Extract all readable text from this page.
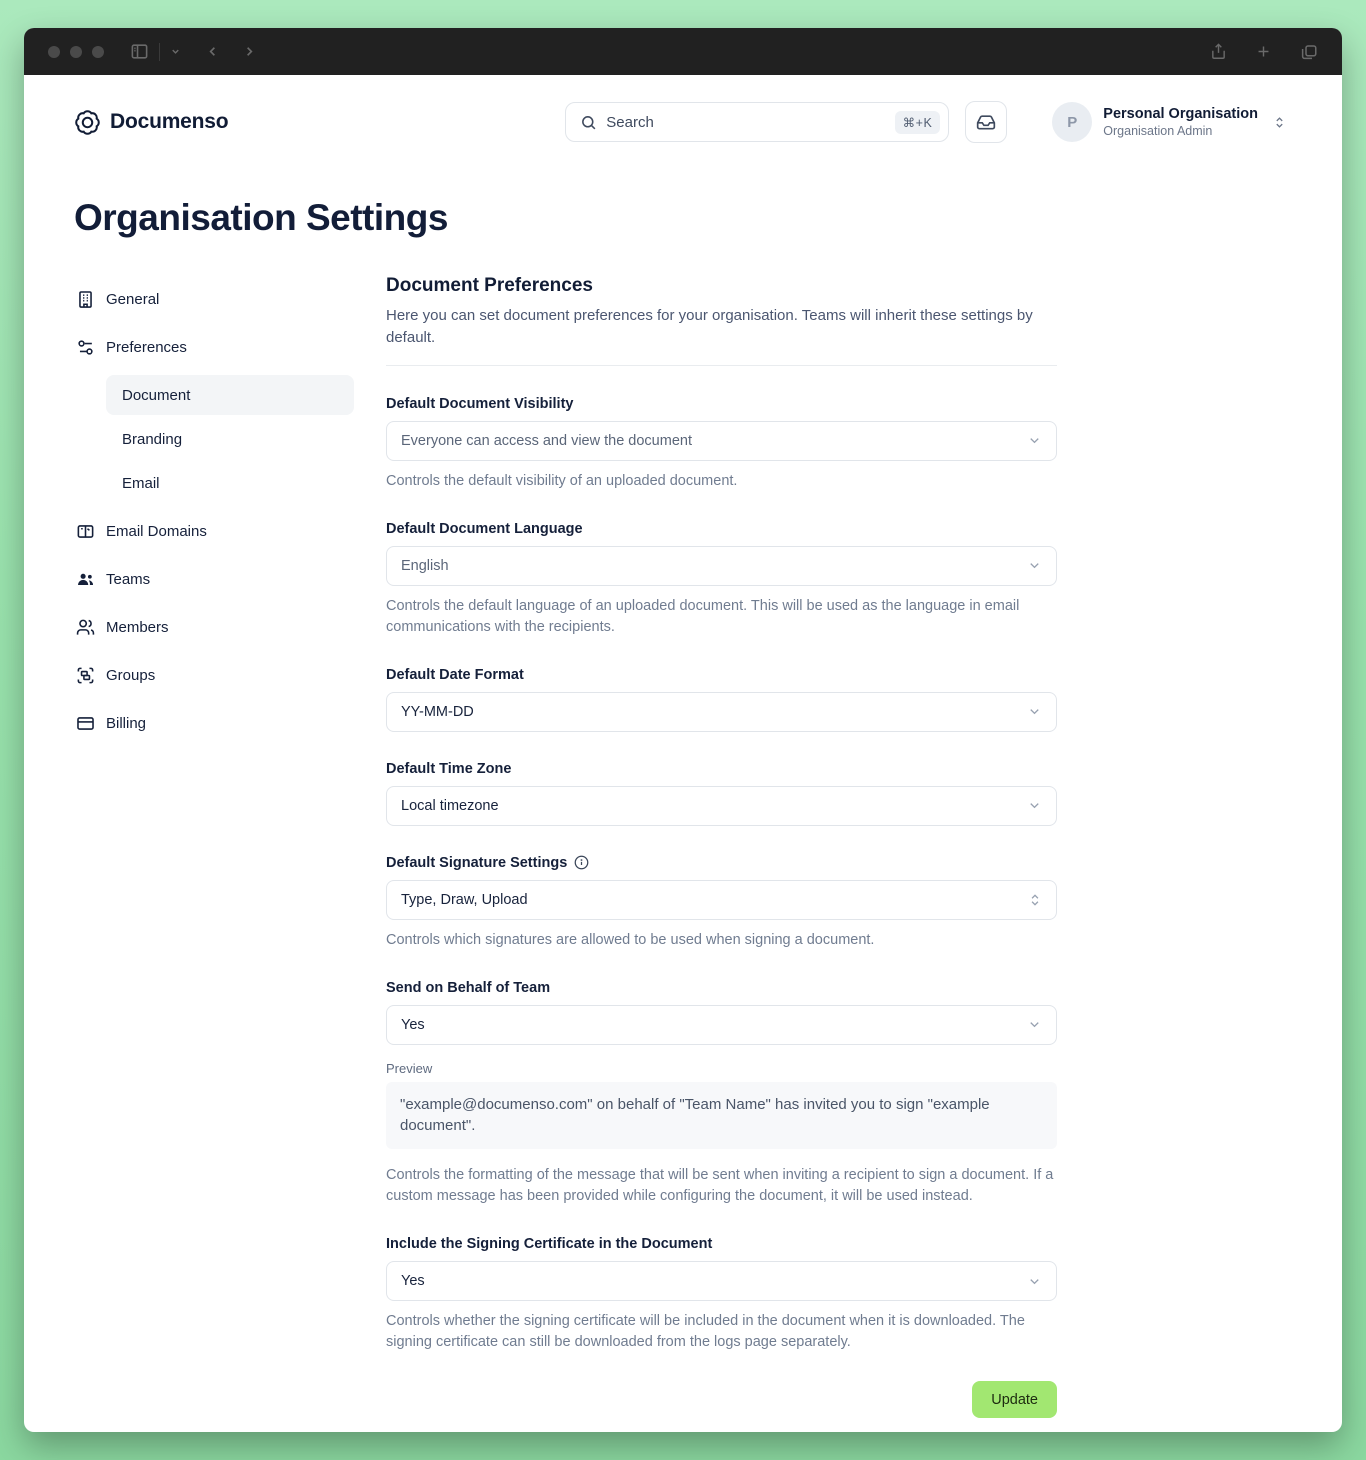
Documenso
Search	⌘+K	P Personal Organisation
Organisation Admin
Organisation Settings
General
Preferences
Document
Branding
Email
Email Domains
Teams
Members
Groups
Billing
Document Preferences

Here you can set document preferences for your organisation. Teams will inherit these settings by default.

Default Document Visibility
Everyone can access and view the document

Controls the default visibility of an uploaded document.

Default Document Language
English

Controls the default language of an uploaded document. This will be used as the language in email communications with the recipients.

Default Date Format
YY-MM-DD
Default Time Zone
Local timezone
Default Signature Settings
Type, Draw, Upload

Controls which signatures are allowed to be used when signing a document.

Send on Behalf of Team
Yes
Preview
"example@documenso.com" on behalf of "Team Name" has invited you to sign "example document".

Controls the formatting of the message that will be sent when inviting a recipient to sign a document. If a custom message has been provided while configuring the document, it will be used instead.

Include the Signing Certificate in the Document
Yes

Controls whether the signing certificate will be included in the document when it is downloaded. The signing certificate can still be downloaded from the logs page separately.

Update
